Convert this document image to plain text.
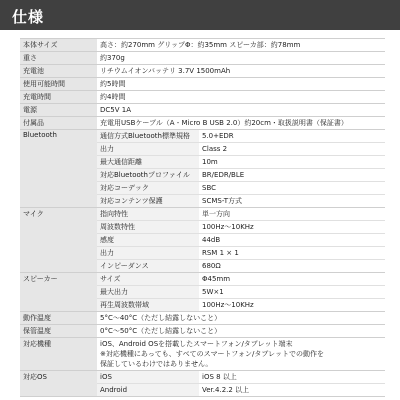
仕様
本体サイズ	高さ：約270mm グリップΦ：約35mm スピーカ部：約78mm
重さ	約370g
充電池	リチウムイオンバッテリ 3.7V 1500mAh
使用可能時間	約5時間
充電時間	約4時間
電源	DC5V 1A
付属品	充電用USBケーブル（A - Micro B USB 2.0）約20cm・取扱説明書（保証書）
Bluetooth	通信方式Bluetooth標準規格	5.0+EDR
出力	Class 2
最大通信距離	10m
対応Bluetoothプロファイル	BR/EDR/BLE
対応コーデック	SBC
対応コンテンツ保護	SCMS-T方式
マイク	指向特性	単一方向
周波数特性	100Hz～10KHz
感度	44dB
出力	RSM 1 × 1
インピーダンス	680Ω
スピーカー	サイズ	Φ45mm
最大出力	5W×1
再生周波数帯域	100Hz～10KHz
動作温度	5°C～40°C（ただし結露しないこと）
保管温度	0°C～50°C（ただし結露しないこと）
対応機種	iOS、Android OSを搭載したスマートフォン/タブレット端末
※対応機種にあっても、すべてのスマートフォン/タブレットでの動作を
保証しているわけではありません。
対応OS	iOS	iOS 8 以上
Android	Ver.4.2.2 以上
